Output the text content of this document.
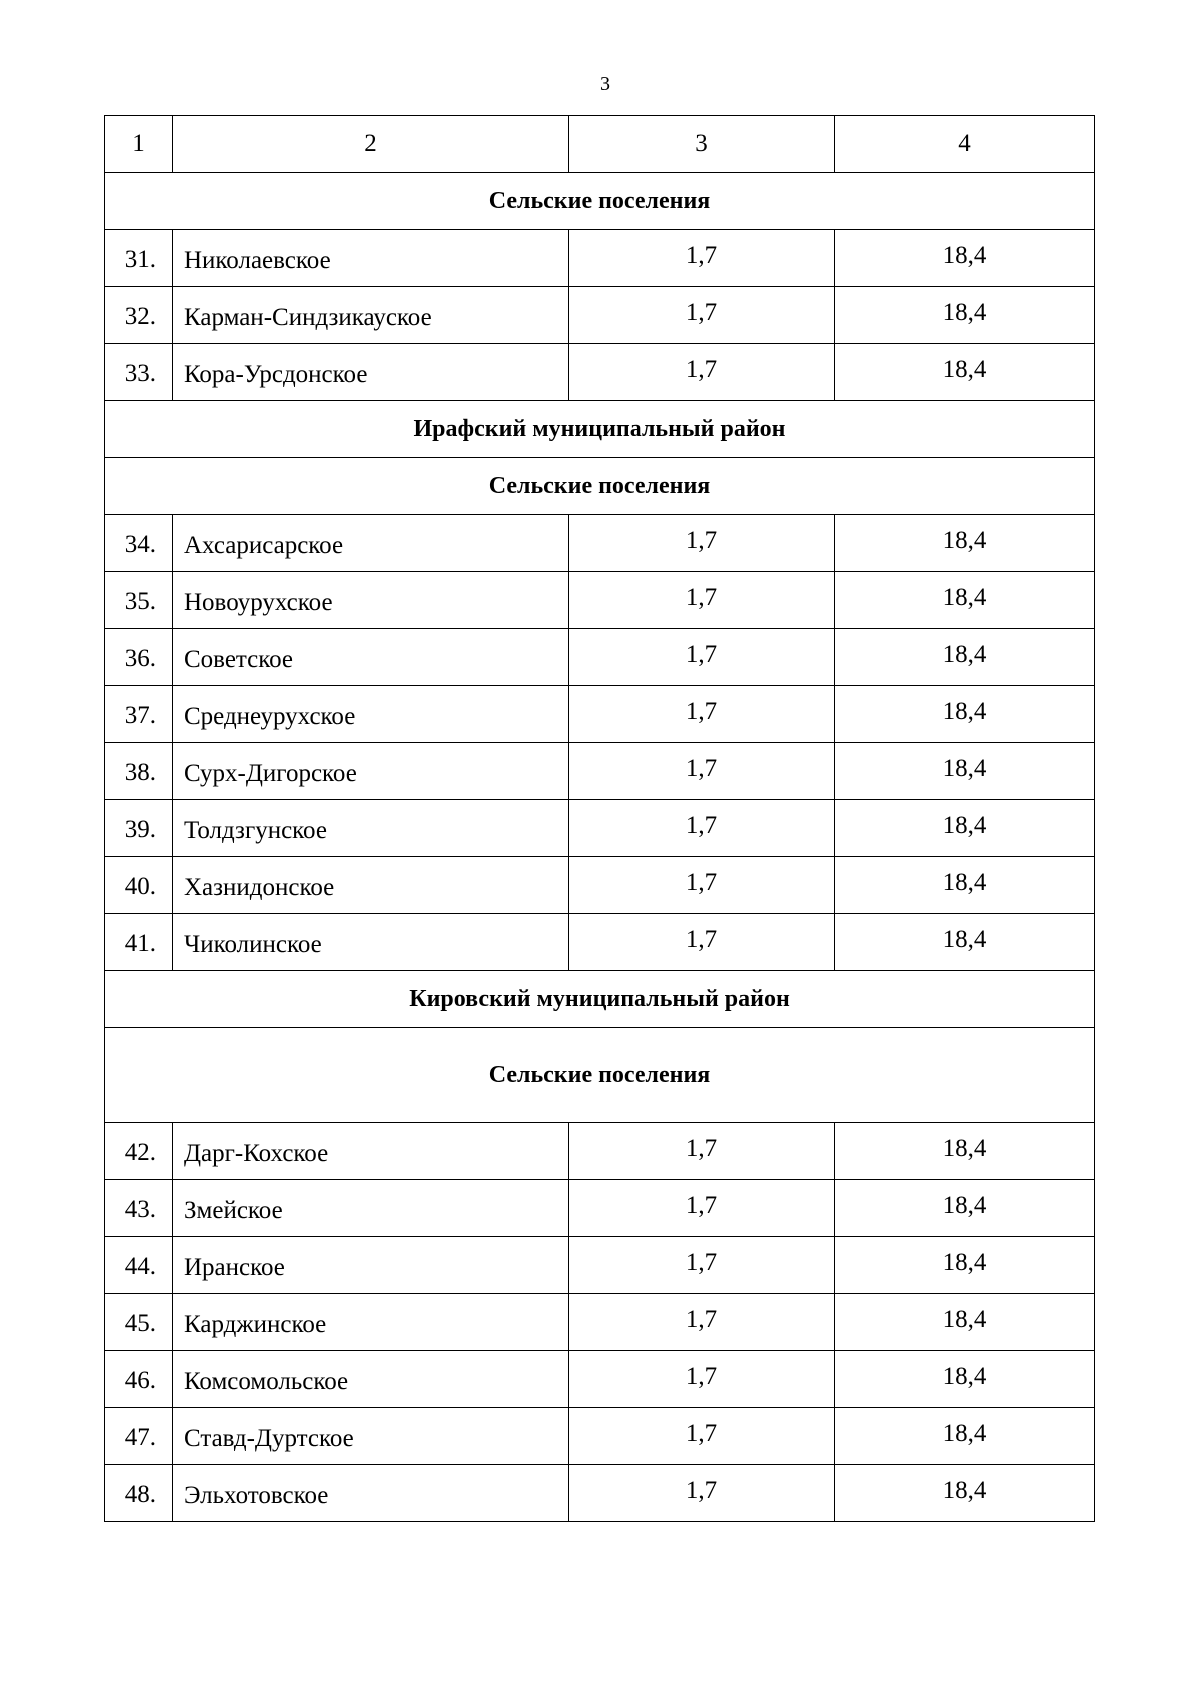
3
1	2	3	4
Сельские поселения			
31.	Николаевское	1,7	18,4
32.	Карман-Синдзикауское	1,7	18,4
33.	Кора-Урсдонское	1,7	18,4
Ирафский муниципальный район			
Сельские поселения			
34.	Ахсарисарское	1,7	18,4
35.	Новоурухское	1,7	18,4
36.	Советское	1,7	18,4
37.	Среднеурухское	1,7	18,4
38.	Сурх-Дигорское	1,7	18,4
39.	Толдзгунское	1,7	18,4
40.	Хазнидонское	1,7	18,4
41.	Чиколинское	1,7	18,4
Кировский муниципальный район			
Сельские поселения			
42.	Дарг-Кохское	1,7	18,4
43.	Змейское	1,7	18,4
44.	Иранское	1,7	18,4
45.	Карджинское	1,7	18,4
46.	Комсомольское	1,7	18,4
47.	Ставд-Дуртское	1,7	18,4
48.	Эльхотовское	1,7	18,4
